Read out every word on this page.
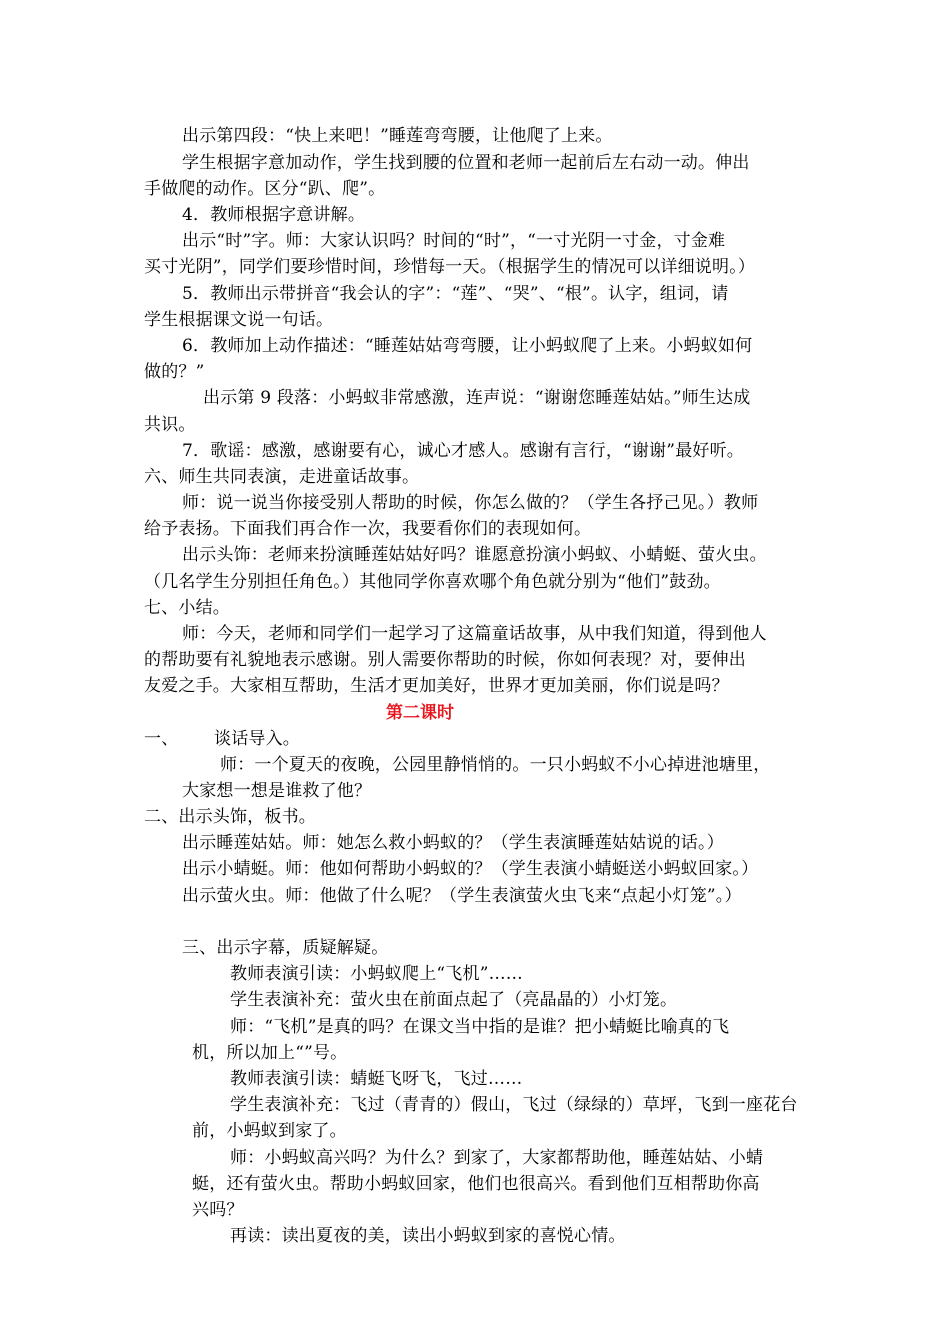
出示第四段：“快上来吧！”睡莲弯弯腰，让他爬了上来。
学生根据字意加动作，学生找到腰的位置和老师一起前后左右动一动。伸出
手做爬的动作。区分“趴、爬”。
4．教师根据字意讲解。
出示“时”字。师：大家认识吗？时间的“时”，“一寸光阴一寸金，寸金难
买寸光阴”，同学们要珍惜时间，珍惜每一天。（根据学生的情况可以详细说明。）
5．教师出示带拼音“我会认的字”：“莲”、“哭”、“根”。认字，组词，请
学生根据课文说一句话。
6．教师加上动作描述：“睡莲姑姑弯弯腰，让小蚂蚁爬了上来。小蚂蚁如何
做的？”
出示第 9 段落：小蚂蚁非常感激，连声说：“谢谢您睡莲姑姑。”师生达成
共识。
7．歌谣：感激，感谢要有心，诚心才感人。感谢有言行，“谢谢”最好听。
六、师生共同表演，走进童话故事。
师：说一说当你接受别人帮助的时候，你怎么做的？（学生各抒己见。）教师
给予表扬。下面我们再合作一次，我要看你们的表现如何。
出示头饰：老师来扮演睡莲姑姑好吗？谁愿意扮演小蚂蚁、小蜻蜓、萤火虫。
（几名学生分别担任角色。）其他同学你喜欢哪个角色就分别为“他们”鼓劲。
七、小结。
师：今天，老师和同学们一起学习了这篇童话故事，从中我们知道，得到他人
的帮助要有礼貌地表示感谢。别人需要你帮助的时候，你如何表现？对，要伸出
友爱之手。大家相互帮助，生活才更加美好，世界才更加美丽，你们说是吗？
第二课时
一、 谈话导入。
师：一个夏天的夜晚，公园里静悄悄的。一只小蚂蚁不小心掉进池塘里，
大家想一想是谁救了他？
二、出示头饰，板书。
出示睡莲姑姑。师：她怎么救小蚂蚁的？（学生表演睡莲姑姑说的话。）
出示小蜻蜓。师：他如何帮助小蚂蚁的？（学生表演小蜻蜓送小蚂蚁回家。）
出示萤火虫。师：他做了什么呢？（学生表演萤火虫飞来“点起小灯笼”。）
三、出示字幕，质疑解疑。
教师表演引读：小蚂蚁爬上“飞机”……
学生表演补充：萤火虫在前面点起了（亮晶晶的）小灯笼。
师：“飞机”是真的吗？在课文当中指的是谁？把小蜻蜓比喻真的飞
机，所以加上“”号。
教师表演引读：蜻蜓飞呀飞，飞过……
学生表演补充：飞过（青青的）假山，飞过（绿绿的）草坪，飞到一座花台
前，小蚂蚁到家了。
师：小蚂蚁高兴吗？为什么？到家了，大家都帮助他，睡莲姑姑、小蜻
蜓，还有萤火虫。帮助小蚂蚁回家，他们也很高兴。看到他们互相帮助你高
兴吗？
再读：读出夏夜的美，读出小蚂蚁到家的喜悦心情。
